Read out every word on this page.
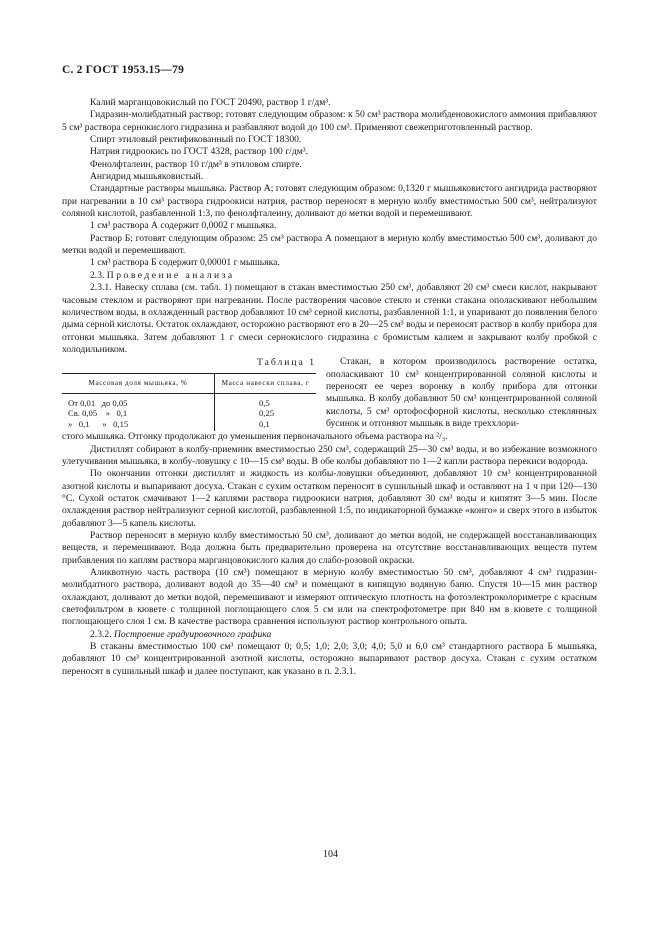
С. 2 ГОСТ 1953.15—79

Калий марганцовокислый по ГОСТ 20490, раствор 1 г/дм³.

Гидразин-молибдатный раствор; готовят следующим образом: к 50 см³ раствора молибденовокислого аммония прибавляют 5 см³ раствора сернокислого гидразина и разбавляют водой до 100 см³. Применяют свежеприготовленный раствор.

Спирт этиловый ректификованный по ГОСТ 18300.

Натрия гидроокись по ГОСТ 4328, раствор 100 г/дм³.

Фенолфталеин, раствор 10 г/дм³ в этиловом спирте.

Ангидрид мышьяковистый.

Стандартные растворы мышьяка. Раствор А; готовят следующим образом: 0,1320 г мышьяковистого ангидрида растворяют при нагревании в 10 см³ раствора гидроокиси натрия, раствор переносят в мерную колбу вместимостью 500 см³, нейтрализуют соляной кислотой, разбавленной 1:3, по фенолфталеину, доливают до метки водой и перемешивают.

1 см³ раствора А содержит 0,0002 г мышьяка.

Раствор Б; готовят следующим образом: 25 см³ раствора А помещают в мерную колбу вместимостью 500 см³, доливают до метки водой и перемешивают.

1 см³ раствора Б содержит 0,00001 г мышьяка.

2.3. Проведение анализа

2.3.1. Навеску сплава (см. табл. 1) помещают в стакан вместимостью 250 см³, добавляют 20 см³ смеси кислот, накрывают часовым стеклом и растворяют при нагревании. После растворения часовое стекло и стенки стакана ополаскивают небольшим количеством воды, в охлажденный раствор добавляют 10 см³ серной кислоты, разбавленной 1:1, и упаривают до появления белого дыма серной кислоты. Остаток охлаждают, осторожно растворяют его в 20—25 см³ воды и переносят раствор в колбу прибора для отгонки мышьяка. Затем добавляют 1 г смеси сернокислого гидразина с бромистым калием и закрывают колбу пробкой с холодильником.

Таблица 1
Массовая доля мышьяка, %	Масса навески сплава, г
От 0,01   до 0,05	0,5
Св. 0,05    »   0,1	0,25
»   0,1      »   0,15	0,1

Стакан, в котором производилось растворение остатка, ополаскивают 10 см³ концентрированной соляной кислоты и переносят ее через воронку в колбу прибора для отгонки мышьяка. В колбу добавляют 50 см³ концентрированной соляной кислоты, 5 см³ ортофосфорной кислоты, несколько стеклянных бусинок и отгоняют мышьяк в виде треххлори-

стого мышьяка. Отгонку продолжают до уменьшения первоначального объема раствора на ²/₃.

Дистиллят собирают в колбу-приемник вместимостью 250 см³, содержащий 25—30 см³ воды, и во избежание возможного улетучивания мышьяка, в колбу-ловушку с 10—15 см³ воды. В обе колбы добавляют по 1—2 капли раствора перекиси водорода.

По окончании отгонки дистиллят и жидкость из колбы-ловушки объединяют, добавляют 10 см³ концентрированной азотной кислоты и выпаривают досуха. Стакан с сухим остатком переносят в сушильный шкаф и оставляют на 1 ч при 120—130 °С. Сухой остаток смачивают 1—2 каплями раствора гидроокиси натрия, добавляют 30 см³ воды и кипятят 3—5 мин. После охлаждения раствор нейтрализуют серной кислотой, разбавленной 1:5, по индикаторной бумажке «конго» и сверх этого в избыток добавляют 3—5 капель кислоты.

Раствор переносят в мерную колбу вместимостью 50 см³, доливают до метки водой, не содержащей восстанавливающих веществ, и перемешивают. Вода должна быть предварительно проверена на отсутствие восстанавливающих веществ путем прибавления по каплям раствора марганцовокислого калия до слабо-розовой окраски.

Аликвотную часть раствора (10 см³) помещают в мерную колбу вместимостью 50 см³, добавляют 4 см³ гидразин-молибдатного раствора, доливают водой до 35—40 см³ и помещают в кипящую водяную баню. Спустя 10—15 мин раствор охлаждают, доливают до метки водой, перемешивают и измеряют оптическую плотность на фотоэлектроколориметре с красным светофильтром в кювете с толщиной поглощающего слоя 5 см или на спектрофотометре при 840 нм в кювете с толщиной поглощающего слоя 1 см. В качестве раствора сравнения используют раствор контрольного опыта.

2.3.2. Построение градуировочного графика

В стаканы вместимостью 100 см³ помещают 0; 0,5; 1,0; 2,0; 3,0; 4,0; 5,0 и 6,0 см³ стандартного раствора Б мышьяка, добавляют 10 см³ концентрированной азотной кислоты, осторожно выпаривают раствор досуха. Стакан с сухим остатком переносят в сушильный шкаф и далее поступают, как указано в п. 2.3.1.

104
